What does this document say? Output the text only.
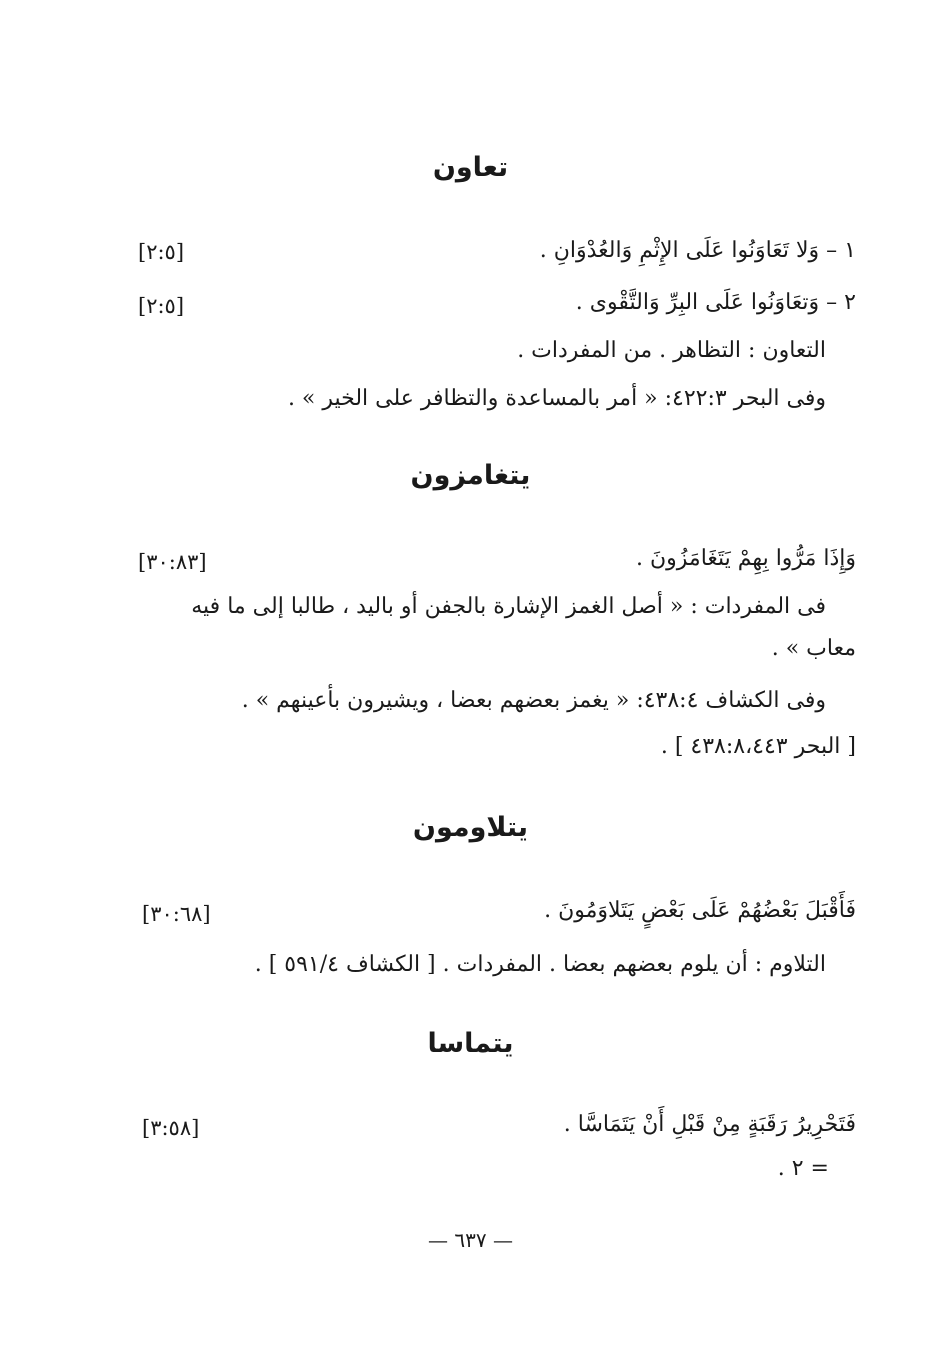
تعاون
١ – وَلا تَعَاوَنُوا عَلَى الإِثْمِ وَالعُدْوَانِ .
[٢:٥]
٢ – وَتعَاوَنُوا عَلَى البِرِّ وَالتَّقْوى .
[٢:٥]
التعاون : التظاهر . من المفردات .
وفى البحر ٤٢٢:٣: « أمر بالمساعدة والتظافر على الخير » .
يتغامزون
وَإِذَا مَرُّوا بِهِمْ يَتَغَامَزُونَ .
[٣٠:٨٣]
فى المفردات : « أصل الغمز الإشارة بالجفن أو باليد ، طالبا إلى ما فيه
معاب » .
وفى الكشاف ٤٣٨:٤: « يغمز بعضهم بعضا ، ويشيرون بأعينهم » .
[ البحر ٤٣٨:٨،٤٤٣ ] .
يتلاومون
فَأَقْبَلَ بَعْضُهُمْ عَلَى بَعْضٍ يَتَلاوَمُونَ .
[٣٠:٦٨]
التلاوم : أن يلوم بعضهم بعضا . المفردات . [ الكشاف ٥٩١/٤ ] .
يتماسا
فَتَحْرِيرُ رَقَبَةٍ مِنْ قَبْلِ أَنْ يَتَمَاسَّا .
[٣:٥٨]
= ٢ .
— ٦٣٧ —
